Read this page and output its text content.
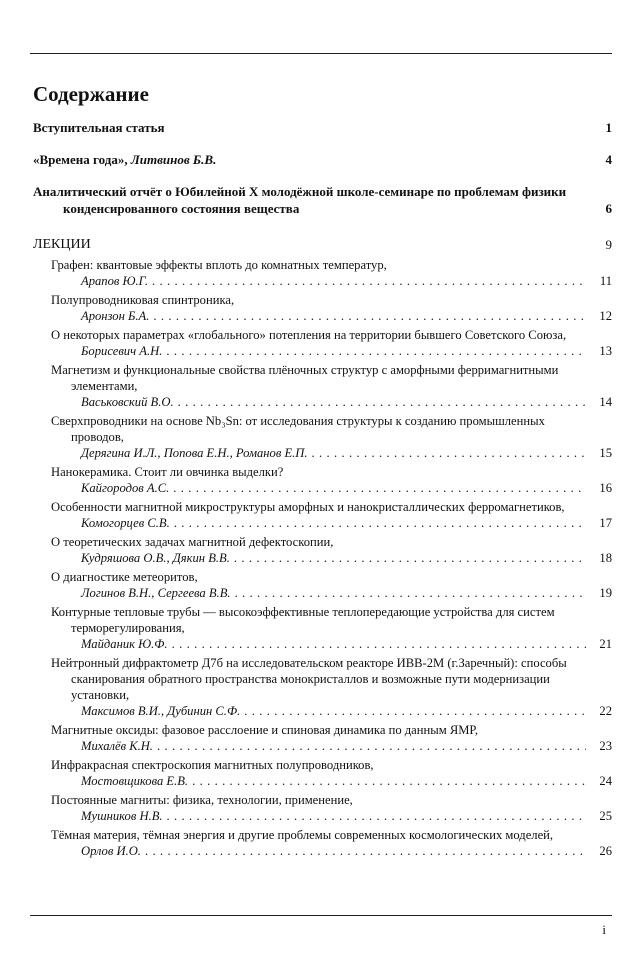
Содержание
Вступительная статья	1
«Времена года», Литвинов Б.В.	4
Аналитический отчёт о Юбилейной X молодёжной школе-семинаре по проблемам физики конденсированного состояния вещества	6
ЛЕКЦИИ	9
Графен: квантовые эффекты вплоть до комнатных температур,
Арапов Ю.Г. . . .	11
Полупроводниковая спинтроника,
Аронзон Б.А. . . .	12
О некоторых параметрах «глобального» потепления на территории бывшего Советского Союза,
Борисевич А.Н. . . .	13
Магнетизм и функциональные свойства плёночных структур с аморфными ферримагнитными элементами,
Васьковский В.О. . . .	14
Сверхпроводники на основе Nb₃Sn: от исследования структуры к созданию промышленных проводов,
Дерягина И.Л., Попова Е.Н., Романов Е.П. . . .	15
Нанокерамика. Стоит ли овчинка выделки?
Кайгородов А.С. . . .	16
Особенности магнитной микроструктуры аморфных и нанокристаллических ферромагнетиков,
Комогорцев С.В. . . .	17
О теоретических задачах магнитной дефектоскопии,
Кудряшова О.В., Дякин В.В. . . .	18
О диагностике метеоритов,
Логинов В.Н., Сергеева В.В. . . .	19
Контурные тепловые трубы — высокоэффективные теплопередающие устройства для систем терморегулирования,
Майданик Ю.Ф. . . .	21
Нейтронный дифрактометр Д7б на исследовательском реакторе ИВВ-2М (г.Заречный): способы сканирования обратного пространства монокристаллов и возможные пути модернизации установки,
Максимов В.И., Дубинин С.Ф. . . .	22
Магнитные оксиды: фазовое расслоение и спиновая динамика по данным ЯМР,
Михалёв К.Н. . . .	23
Инфракрасная спектроскопия магнитных полупроводников,
Мостовщикова Е.В. . . .	24
Постоянные магниты: физика, технологии, применение,
Мушников Н.В. . . .	25
Тёмная материя, тёмная энергия и другие проблемы современных космологических моделей,
Орлов И.О. . . .	26
i
